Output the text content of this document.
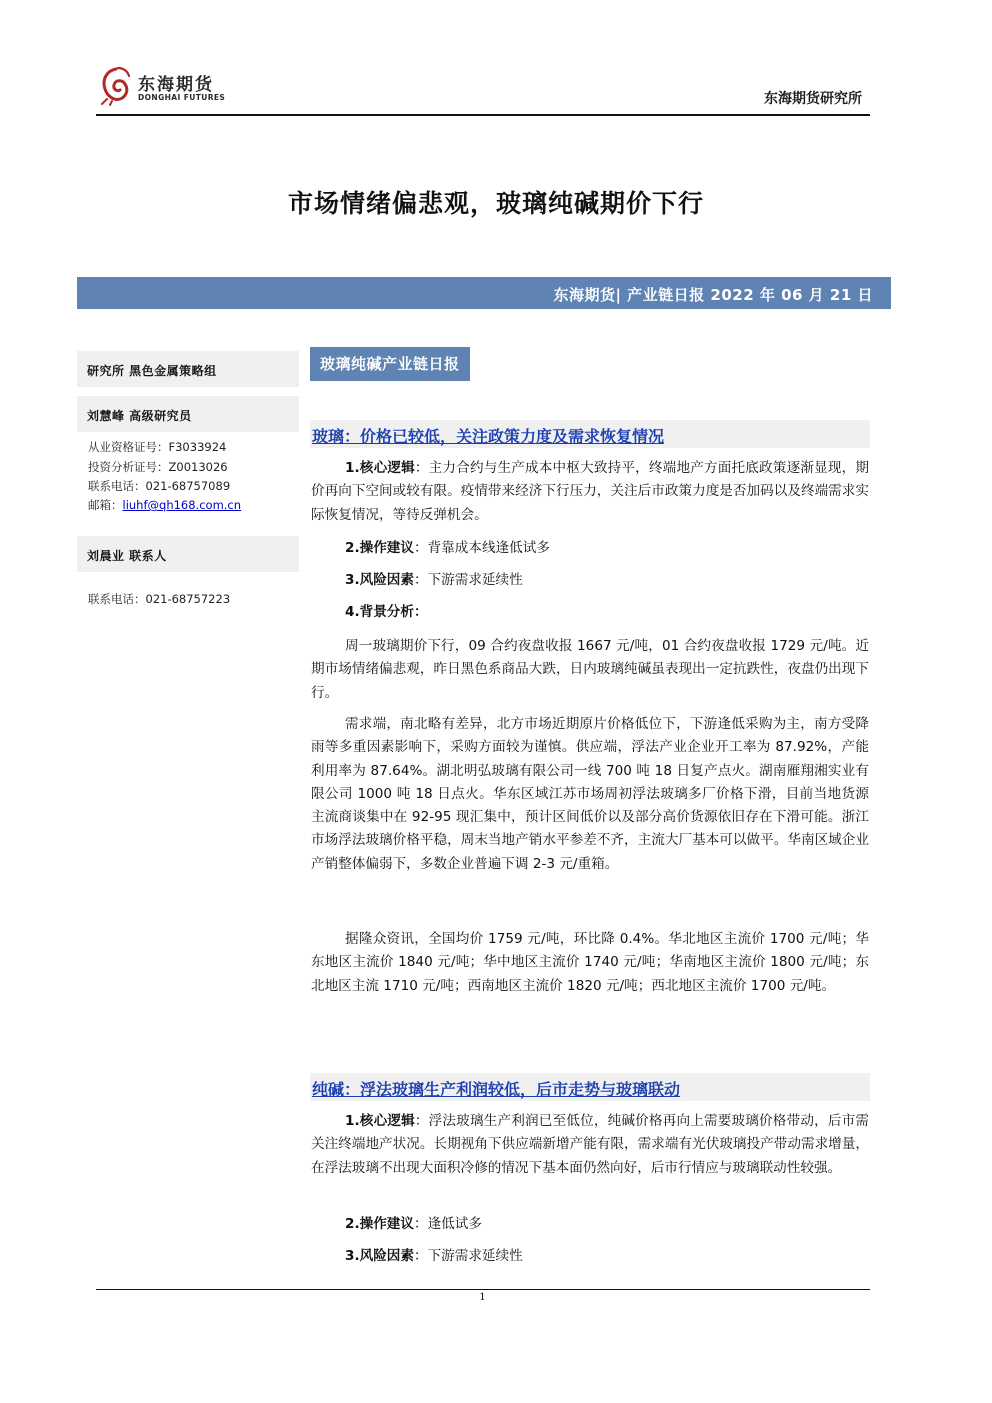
东海期货
DONGHAI FUTURES	东海期货研究所
市场情绪偏悲观，玻璃纯碱期价下行
东海期货| 产业链日报 2022 年 06 月 21 日
研究所 黑色金属策略组
刘慧峰 高级研究员
从业资格证号：F3033924
投资分析证号：Z0013026
联系电话：021-68757089
邮箱：liuhf@qh168.com.cn
刘晨业 联系人
联系电话：021-68757223
玻璃纯碱产业链日报
玻璃：价格已较低，关注政策力度及需求恢复情况
1.核心逻辑：主力合约与生产成本中枢大致持平，终端地产方面托底政策逐渐显现，期价再向下空间或较有限。疫情带来经济下行压力，关注后市政策力度是否加码以及终端需求实际恢复情况，等待反弹机会。
2.操作建议：背靠成本线逢低试多
3.风险因素：下游需求延续性
4.背景分析：
周一玻璃期价下行，09 合约夜盘收报 1667 元/吨，01 合约夜盘收报 1729 元/吨。近期市场情绪偏悲观，昨日黑色系商品大跌，日内玻璃纯碱虽表现出一定抗跌性，夜盘仍出现下行。
需求端，南北略有差异，北方市场近期原片价格低位下，下游逢低采购为主，南方受降雨等多重因素影响下，采购方面较为谨慎。供应端，浮法产业企业开工率为 87.92%，产能利用率为 87.64%。湖北明弘玻璃有限公司一线 700 吨 18 日复产点火。湖南雁翔湘实业有限公司 1000 吨 18 日点火。华东区域江苏市场周初浮法玻璃多厂价格下滑，目前当地货源主流商谈集中在 92-95 现汇集中，预计区间低价以及部分高价货源依旧存在下滑可能。浙江市场浮法玻璃价格平稳，周末当地产销水平参差不齐，主流大厂基本可以做平。华南区域企业产销整体偏弱下，多数企业普遍下调 2-3 元/重箱。
据隆众资讯，全国均价 1759 元/吨，环比降 0.4%。华北地区主流价 1700 元/吨；华东地区主流价 1840 元/吨；华中地区主流价 1740 元/吨；华南地区主流价 1800 元/吨；东北地区主流 1710 元/吨；西南地区主流价 1820 元/吨；西北地区主流价 1700 元/吨。
纯碱：浮法玻璃生产利润较低，后市走势与玻璃联动
1.核心逻辑：浮法玻璃生产利润已至低位，纯碱价格再向上需要玻璃价格带动，后市需关注终端地产状况。长期视角下供应端新增产能有限，需求端有光伏玻璃投产带动需求增量，在浮法玻璃不出现大面积冷修的情况下基本面仍然向好，后市行情应与玻璃联动性较强。
2.操作建议：逢低试多
3.风险因素：下游需求延续性
1
